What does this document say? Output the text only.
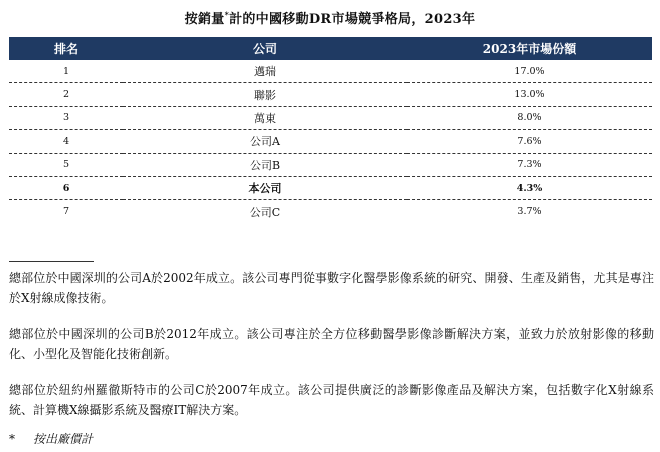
按銷量*計的中國移動DR市場競爭格局，2023年
排名	公司	2023年市場份額
1	邁瑞	17.0%
2	聯影	13.0%
3	萬東	8.0%
4	公司A	7.6%
5	公司B	7.3%
6	本公司	4.3%
7	公司C	3.7%
總部位於中國深圳的公司A於2002年成立。該公司專門從事數字化醫學影像系統的研究、開發、生產及銷售，尤其是專注於X射線成像技術。
總部位於中國深圳的公司B於2012年成立。該公司專注於全方位移動醫學影像診斷解決方案，並致力於放射影像的移動化、小型化及智能化技術創新。
總部位於紐約州羅徹斯特市的公司C於2007年成立。該公司提供廣泛的診斷影像產品及解決方案，包括數字化X射線系統、計算機X線攝影系統及醫療IT解決方案。
* 按出廠價計
